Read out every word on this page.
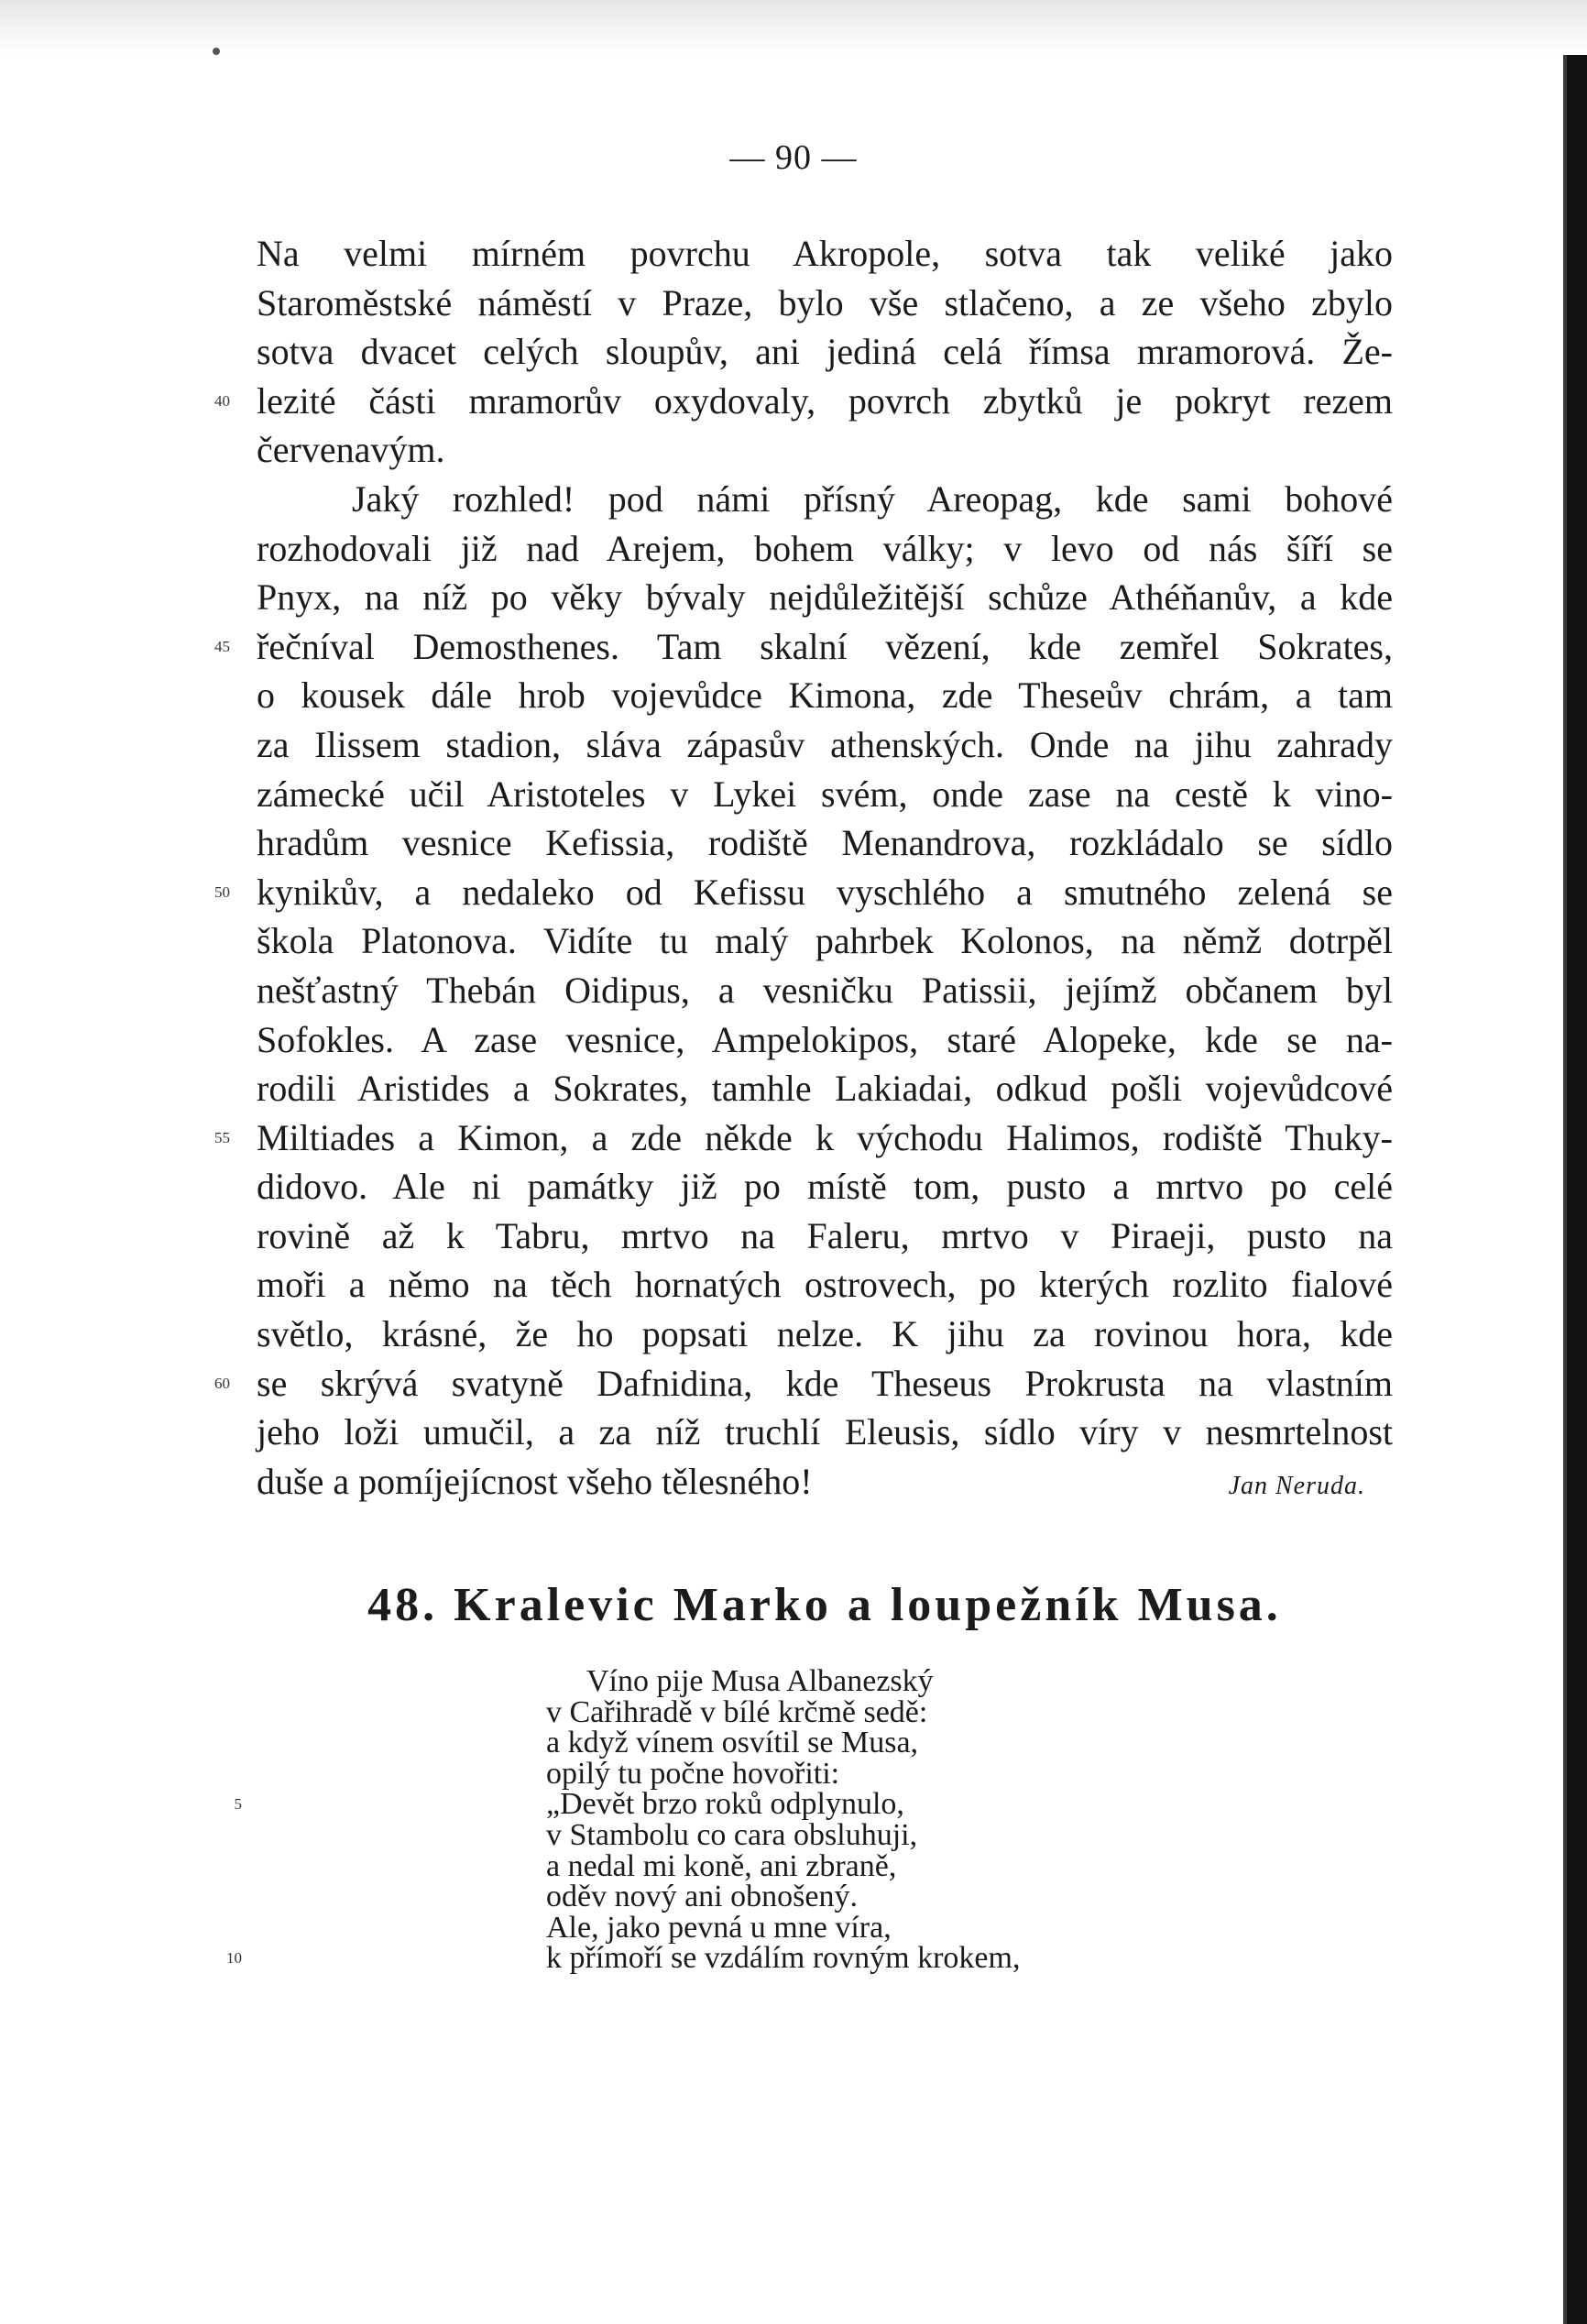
— 90 —
Na velmi mírném povrchu Akropole, sotva tak veliké jako
Staroměstské náměstí v Praze, bylo vše stlačeno, a ze všeho zbylo
sotva dvacet celých sloupův, ani jediná celá římsa mramorová. Že-
40 lezité části mramorův oxydovaly, povrch zbytků je pokryt rezem
červenavým.
Jaký rozhled! pod námi přísný Areopag, kde sami bohové
rozhodovali již nad Arejem, bohem války; v levo od nás šíří se
Pnyx, na níž po věky bývaly nejdůležitější schůze Athéňanův, a kde
45 řečníval Demosthenes. Tam skalní vězení, kde zemřel Sokrates,
o kousek dále hrob vojevůdce Kimona, zde Theseův chrám, a tam
za Ilissem stadion, sláva zápasův athenských. Onde na jihu zahrady
zámecké učil Aristoteles v Lykei svém, onde zase na cestě k vino-
hradům vesnice Kefissia, rodiště Menandrova, rozkládalo se sídlo
50 kynikův, a nedaleko od Kefissu vyschlého a smutného zelená se
škola Platonova. Vidíte tu malý pahrbek Kolonos, na němž dotrpěl
nešťastný Thebán Oidipus, a vesničku Patissii, jejímž občanem byl
Sofokles. A zase vesnice, Ampelokipos, staré Alopeke, kde se na-
rodili Aristides a Sokrates, tamhle Lakiadai, odkud pošli vojevůdcové
55 Miltiades a Kimon, a zde někde k východu Halimos, rodiště Thuky-
didovo. Ale ni památky již po místě tom, pusto a mrtvo po celé
rovině až k Tabru, mrtvo na Faleru, mrtvo v Piraeji, pusto na
moři a němo na těch hornatých ostrovech, po kterých rozlito fialové
světlo, krásné, že ho popsati nelze. K jihu za rovinou hora, kde
60 se skrývá svatyně Dafnidina, kde Theseus Prokrusta na vlastním
jeho loži umučil, a za níž truchlí Eleusis, sídlo víry v nesmrtelnost
duše a pomíjejícnost všeho tělesného!	Jan Neruda.
48. Kralevic Marko a loupežník Musa.
Víno pije Musa Albanezský
v Cařihradě v bílé krčmě sedě:
a když vínem osvítil se Musa,
opilý tu počne hovořiti:
5	„Devět brzo roků odplynulo,
v Stambolu co cara obsluhuji,
a nedal mi koně, ani zbraně,
oděv nový ani obnošený.
Ale, jako pevná u mne víra,
10	k přímoří se vzdálím rovným krokem,
